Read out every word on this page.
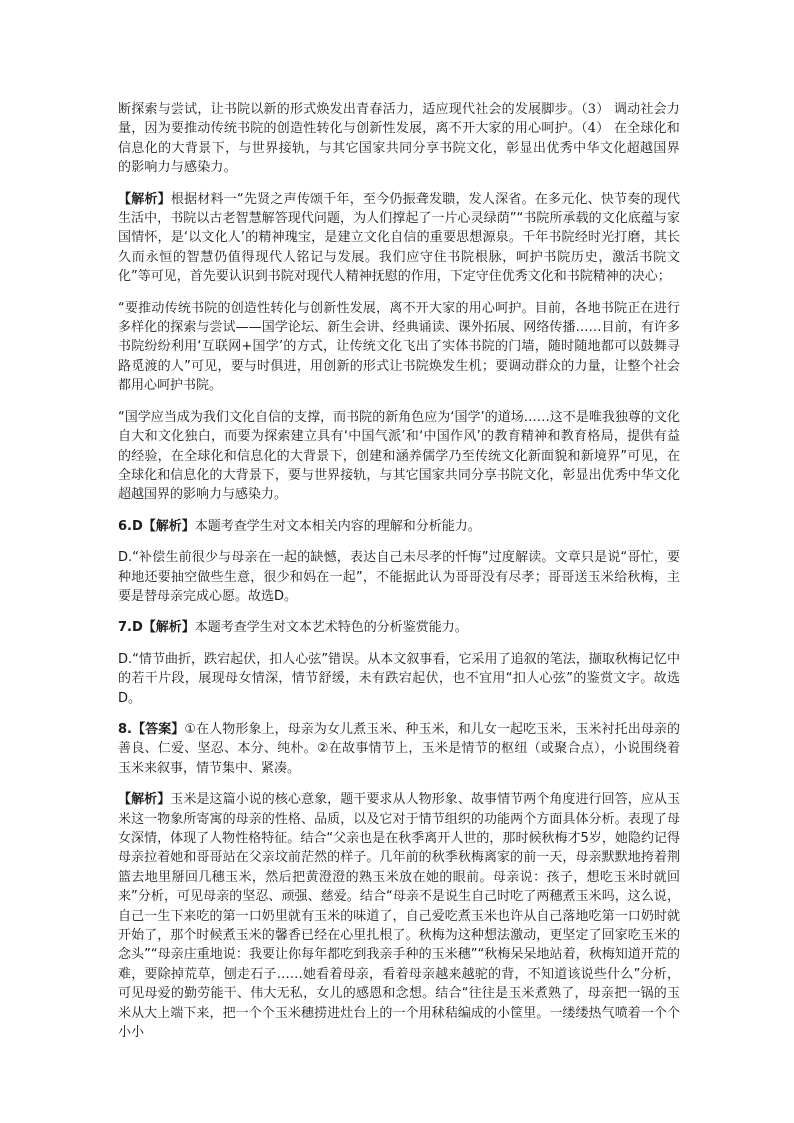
断探索与尝试，让书院以新的形式焕发出青春活力，适应现代社会的发展脚步。（3） 调动社会力量，因为要推动传统书院的创造性转化与创新性发展，离不开大家的用心呵护。（4） 在全球化和信息化的大背景下，与世界接轨，与其它国家共同分享书院文化，彰显出优秀中华文化超越国界的影响力与感染力。

【解析】根据材料一“先贤之声传颂千年，至今仍振聋发聩，发人深省。在多元化、快节奏的现代生活中，书院以古老智慧解答现代问题，为人们撑起了一片心灵绿荫”“书院所承载的文化底蕴与家国情怀，是‘以文化人’的精神瑰宝，是建立文化自信的重要思想源泉。千年书院经时光打磨，其长久而永恒的智慧仍值得现代人铭记与发展。我们应守住书院根脉，呵护书院历史，激活书院文化”等可见，首先要认识到书院对现代人精神抚慰的作用，下定守住优秀文化和书院精神的决心；

“要推动传统书院的创造性转化与创新性发展，离不开大家的用心呵护。目前，各地书院正在进行多样化的探索与尝试——国学论坛、新生会讲、经典诵读、课外拓展、网络传播……目前，有许多书院纷纷利用‘互联网+国学’的方式，让传统文化飞出了实体书院的门墙，随时随地都可以鼓舞寻路觅渡的人”可见，要与时俱进，用创新的形式让书院焕发生机；要调动群众的力量，让整个社会都用心呵护书院。

“国学应当成为我们文化自信的支撑，而书院的新角色应为‘国学’的道场……这不是唯我独尊的文化自大和文化独白，而要为探索建立具有‘中国气派’和‘中国作风’的教育精神和教育格局，提供有益的经验，在全球化和信息化的大背景下，创建和涵养儒学乃至传统文化新面貌和新境界”可见，在全球化和信息化的大背景下，要与世界接轨，与其它国家共同分享书院文化，彰显出优秀中华文化超越国界的影响力与感染力。

6.D【解析】本题考查学生对文本相关内容的理解和分析能力。

D.“补偿生前很少与母亲在一起的缺憾，表达自己未尽孝的忏悔”过度解读。文章只是说“哥忙，要种地还要抽空做些生意，很少和妈在一起”，不能据此认为哥哥没有尽孝；哥哥送玉米给秋梅，主要是替母亲完成心愿。故选D。

7.D【解析】本题考查学生对文本艺术特色的分析鉴赏能力。

D.“情节曲折，跌宕起伏，扣人心弦”错误。从本文叙事看，它采用了追叙的笔法，撷取秋梅记忆中的若干片段，展现母女情深，情节舒缓，未有跌宕起伏，也不宜用“扣人心弦”的鉴赏文字。故选D。

8.【答案】①在人物形象上，母亲为女儿煮玉米、种玉米，和儿女一起吃玉米，玉米衬托出母亲的善良、仁爱、坚忍、本分、纯朴。②在故事情节上，玉米是情节的枢纽（或聚合点），小说围绕着玉米来叙事，情节集中、紧凑。

【解析】玉米是这篇小说的核心意象，题干要求从人物形象、故事情节两个角度进行回答，应从玉米这一物象所寄寓的母亲的性格、品质，以及它对于情节组织的功能两个方面具体分析。表现了母女深情，体现了人物性格特征。结合“父亲也是在秋季离开人世的，那时候秋梅才5岁，她隐约记得母亲拉着她和哥哥站在父亲坟前茫然的样子。几年前的秋季秋梅离家的前一天，母亲默默地挎着荆篮去地里掰回几穗玉米，然后把黄澄澄的熟玉米放在她的眼前。母亲说：孩子，想吃玉米时就回来”分析，可见母亲的坚忍、顽强、慈爱。结合“母亲不是说生自己时吃了两穗煮玉米吗，这么说，自己一生下来吃的第一口奶里就有玉米的味道了，自己爱吃煮玉米也许从自己落地吃第一口奶时就开始了，那个时候煮玉米的馨香已经在心里扎根了。秋梅为这种想法激动，更坚定了回家吃玉米的念头”“母亲庄重地说：我要让你每年都吃到我亲手种的玉米穗”“秋梅呆呆地站着，秋梅知道开荒的难，要除掉荒草，刨走石子……她看着母亲，看着母亲越来越驼的背，不知道该说些什么”分析，可见母爱的勤劳能干、伟大无私，女儿的感恩和念想。结合“往往是玉米煮熟了，母亲把一锅的玉米从大上端下来，把一个个玉米穗捞进灶台上的一个用秫秸编成的小筐里。一缕缕热气喷着一个个小小
